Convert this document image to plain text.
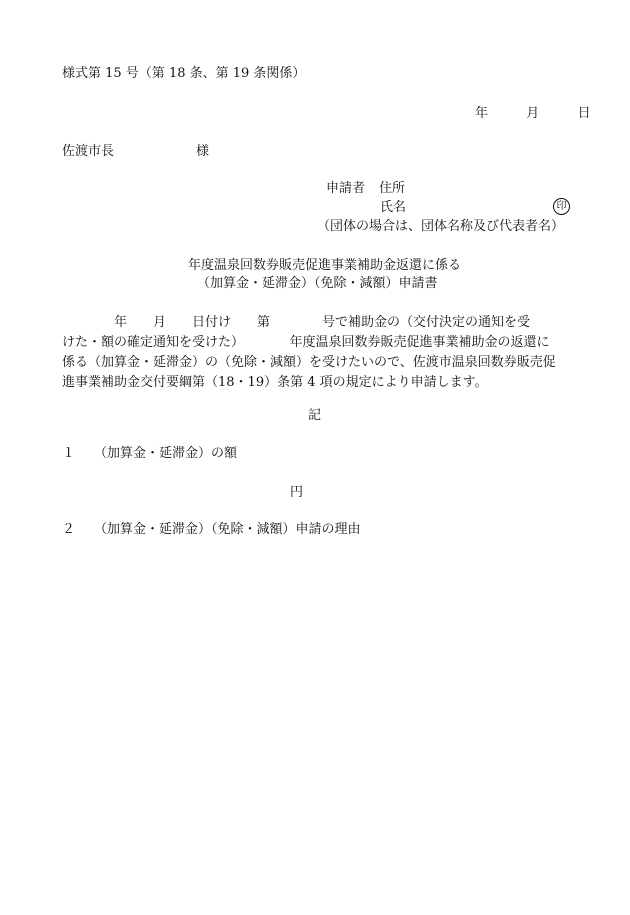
様式第 15 号（第 18 条、第 19 条関係）
年	月	日
佐渡市長	様
申請者 住所
氏名	印
（団体の場合は、団体名称及び代表者名）
年度温泉回数券販売促進事業補助金返還に係る
（加算金・延滞金）（免除・減額）申請書
　　　　年　　月　　日付け　　第　　　　号で補助金の（交付決定の通知を受
けた・額の確定通知を受けた）　　　　年度温泉回数券販売促進事業補助金の返還に
係る（加算金・延滞金）の（免除・減額）を受けたいので、佐渡市温泉回数券販売促
進事業補助金交付要綱第（18・19）条第 4 項の規定により申請します。
記
１ （加算金・延滞金）の額
円
２ （加算金・延滞金）（免除・減額）申請の理由
